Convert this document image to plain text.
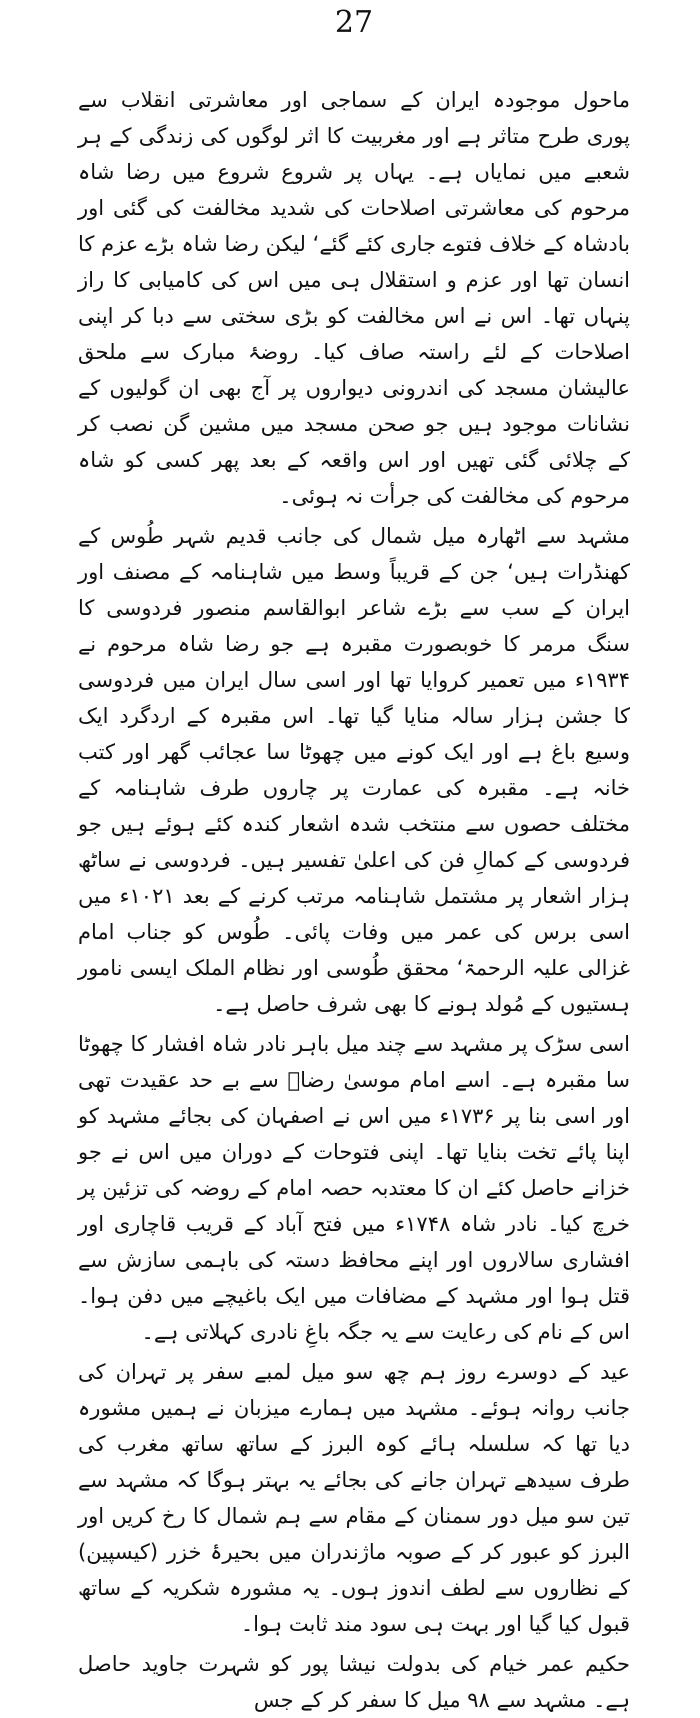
27

ماحول موجودہ ایران کے سماجی اور معاشرتی انقلاب سے پوری طرح متاثر ہے اور مغربیت کا اثر لوگوں کی زندگی کے ہر شعبے میں نمایاں ہے۔ یہاں پر شروع شروع میں رضا شاہ مرحوم کی معاشرتی اصلاحات کی شدید مخالفت کی گئی اور بادشاہ کے خلاف فتوے جاری کئے گئے‘ لیکن رضا شاہ بڑے عزم کا انسان تھا اور عزم و استقلال ہی میں اس کی کامیابی کا راز پنہاں تھا۔ اس نے اس مخالفت کو بڑی سختی سے دبا کر اپنی اصلاحات کے لئے راستہ صاف کیا۔ روضۂ مبارک سے ملحق عالیشان مسجد کی اندرونی دیواروں پر آج بھی ان گولیوں کے نشانات موجود ہیں جو صحن مسجد میں مشین گن نصب کر کے چلائی گئی تھیں اور اس واقعہ کے بعد پھر کسی کو شاہ مرحوم کی مخالفت کی جرأت نہ ہوئی۔

مشہد سے اٹھارہ میل شمال کی جانب قدیم شہر طُوس کے کھنڈرات ہیں‘ جن کے قریباً وسط میں شاہنامہ کے مصنف اور ایران کے سب سے بڑے شاعر ابوالقاسم منصور فردوسی کا سنگ مرمر کا خوبصورت مقبرہ ہے جو رضا شاہ مرحوم نے ۱۹۳۴ء میں تعمیر کروایا تھا اور اسی سال ایران میں فردوسی کا جشن ہزار سالہ منایا گیا تھا۔ اس مقبرہ کے اردگرد ایک وسیع باغ ہے اور ایک کونے میں چھوٹا سا عجائب گھر اور کتب خانہ ہے۔ مقبرہ کی عمارت پر چاروں طرف شاہنامہ کے مختلف حصوں سے منتخب شدہ اشعار کندہ کئے ہوئے ہیں جو فردوسی کے کمالِ فن کی اعلیٰ تفسیر ہیں۔ فردوسی نے ساٹھ ہزار اشعار پر مشتمل شاہنامہ مرتب کرنے کے بعد ۱۰۲۱ء میں اسی برس کی عمر میں وفات پائی۔ طُوس کو جناب امام غزالی علیہ الرحمۃ‘ محقق طُوسی اور نظام الملک ایسی نامور ہستیوں کے مُولد ہونے کا بھی شرف حاصل ہے۔

اسی سڑک پر مشہد سے چند میل باہر نادر شاہ افشار کا چھوٹا سا مقبرہ ہے۔ اسے امام موسیٰ رضاؑ سے بے حد عقیدت تھی اور اسی بنا پر ۱۷۳۶ء میں اس نے اصفہان کی بجائے مشہد کو اپنا پائے تخت بنایا تھا۔ اپنی فتوحات کے دوران میں اس نے جو خزانے حاصل کئے ان کا معتدبہ حصہ امام کے روضہ کی تزئین پر خرچ کیا۔ نادر شاہ ۱۷۴۸ء میں فتح آباد کے قریب قاچاری اور افشاری سالاروں اور اپنے محافظ دستہ کی باہمی سازش سے قتل ہوا اور مشہد کے مضافات میں ایک باغیچے میں دفن ہوا۔ اس کے نام کی رعایت سے یہ جگہ باغِ نادری کہلاتی ہے۔

عید کے دوسرے روز ہم چھ سو میل لمبے سفر پر تہران کی جانب روانہ ہوئے۔ مشہد میں ہمارے میزبان نے ہمیں مشورہ دیا تھا کہ سلسلہ ہائے کوہ البرز کے ساتھ ساتھ مغرب کی طرف سیدھے تہران جانے کی بجائے یہ بہتر ہوگا کہ مشہد سے تین سو میل دور سمنان کے مقام سے ہم شمال کا رخ کریں اور البرز کو عبور کر کے صوبہ ماژندران میں بحیرۂ خزر (کیسپین) کے نظاروں سے لطف اندوز ہوں۔ یہ مشورہ شکریہ کے ساتھ قبول کیا گیا اور بہت ہی سود مند ثابت ہوا۔

حکیم عمر خیام کی بدولت نیشا پور کو شہرت جاوید حاصل ہے۔ مشہد سے ۹۸ میل کا سفر کر کے جس
